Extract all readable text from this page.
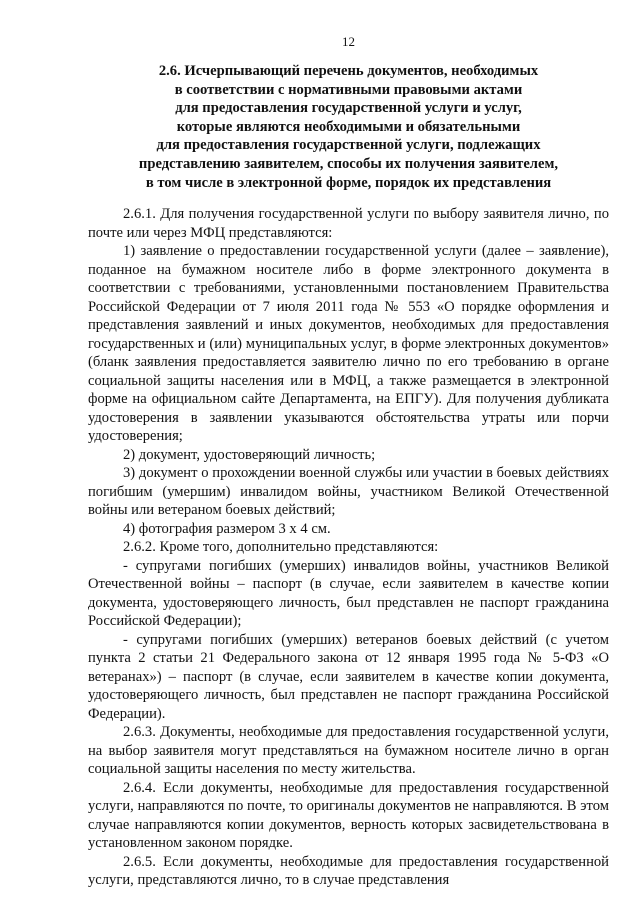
12
2.6. Исчерпывающий перечень документов, необходимых
в соответствии с нормативными правовыми актами
для предоставления государственной услуги и услуг,
которые являются необходимыми и обязательными
для предоставления государственной услуги, подлежащих
представлению заявителем, способы их получения заявителем,
в том числе в электронной форме, порядок их представления

2.6.1. Для получения государственной услуги по выбору заявителя лично, по почте или через МФЦ представляются:

1) заявление о предоставлении государственной услуги (далее – заявление), поданное на бумажном носителе либо в форме электронного документа в соответствии с требованиями, установленными постановлением Правительства Российской Федерации от 7 июля 2011 года № 553 «О порядке оформления и представления заявлений и иных документов, необходимых для предоставления государственных и (или) муниципальных услуг, в форме электронных документов» (бланк заявления предоставляется заявителю лично по его требованию в органе социальной защиты населения или в МФЦ, а также размещается в электронной форме на официальном сайте Департамента, на ЕПГУ). Для получения дубликата удостоверения в заявлении указываются обстоятельства утраты или порчи удостоверения;

2) документ, удостоверяющий личность;

3) документ о прохождении военной службы или участии в боевых действиях погибшим (умершим) инвалидом войны, участником Великой Отечественной войны или ветераном боевых действий;

4) фотография размером 3 х 4 см.

2.6.2. Кроме того, дополнительно представляются:

- супругами погибших (умерших) инвалидов войны, участников Великой Отечественной войны – паспорт (в случае, если заявителем в качестве копии документа, удостоверяющего личность, был представлен не паспорт гражданина Российской Федерации);

- супругами погибших (умерших) ветеранов боевых действий (с учетом пункта 2 статьи 21 Федерального закона от 12 января 1995 года № 5-ФЗ «О ветеранах») – паспорт (в случае, если заявителем в качестве копии документа, удостоверяющего личность, был представлен не паспорт гражданина Российской Федерации).

2.6.3. Документы, необходимые для предоставления государственной услуги, на выбор заявителя могут представляться на бумажном носителе лично в орган социальной защиты населения по месту жительства.

2.6.4. Если документы, необходимые для предоставления государственной услуги, направляются по почте, то оригиналы документов не направляются. В этом случае направляются копии документов, верность которых засвидетельствована в установленном законом порядке.

2.6.5. Если документы, необходимые для предоставления государственной услуги, представляются лично, то в случае представления
